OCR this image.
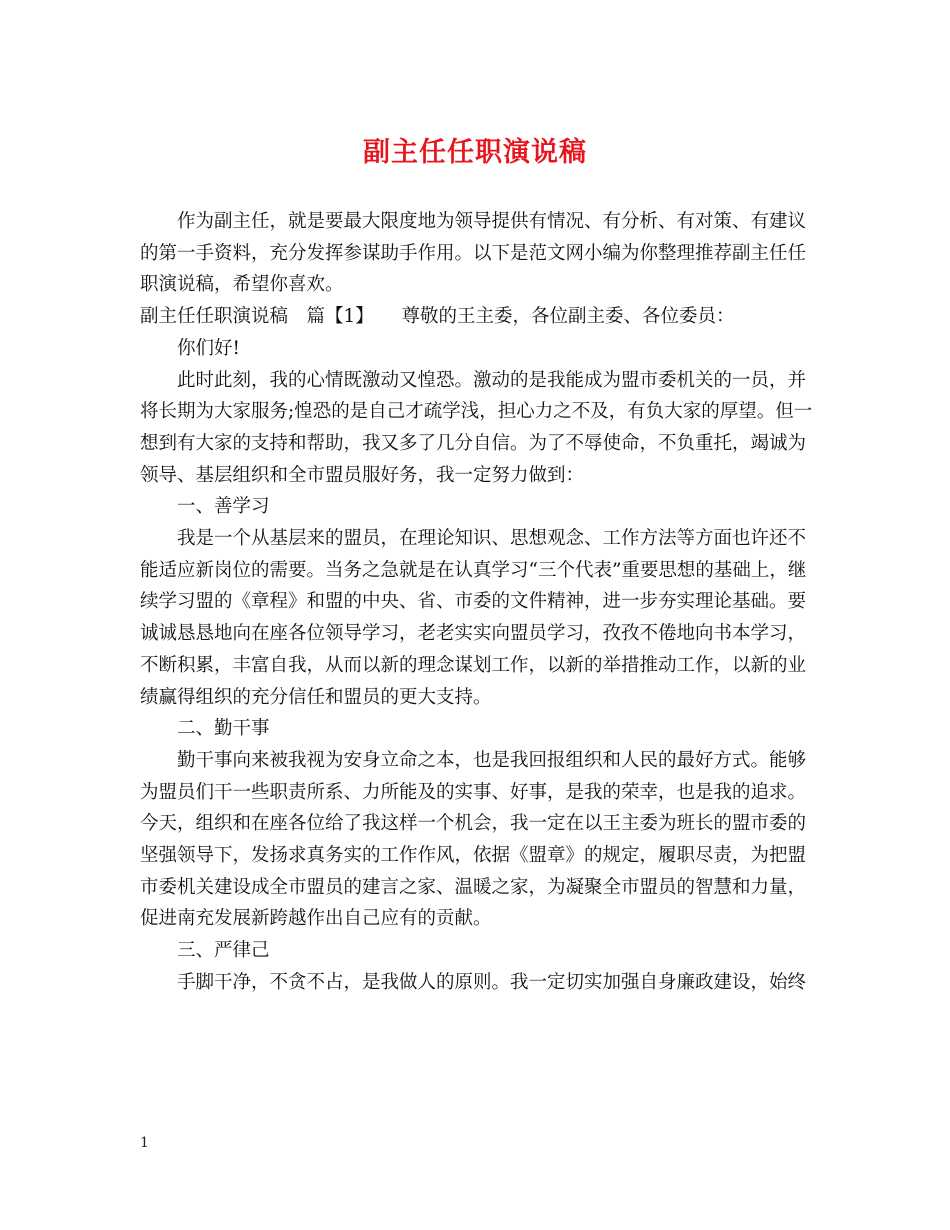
副主任任职演说稿

作为副主任，就是要最大限度地为领导提供有情况、有分析、有对策、有建议的第一手资料，充分发挥参谋助手作用。以下是范文网小编为你整理推荐副主任任职演说稿，希望你喜欢。

副主任任职演说稿　篇【1】　　尊敬的王主委，各位副主委、各位委员：

你们好!

此时此刻，我的心情既激动又惶恐。激动的是我能成为盟市委机关的一员，并将长期为大家服务;惶恐的是自己才疏学浅，担心力之不及，有负大家的厚望。但一想到有大家的支持和帮助，我又多了几分自信。为了不辱使命，不负重托，竭诚为领导、基层组织和全市盟员服好务，我一定努力做到：

一、善学习

我是一个从基层来的盟员，在理论知识、思想观念、工作方法等方面也许还不能适应新岗位的需要。当务之急就是在认真学习“三个代表”重要思想的基础上，继续学习盟的《章程》和盟的中央、省、市委的文件精神，进一步夯实理论基础。要诚诚恳恳地向在座各位领导学习，老老实实向盟员学习，孜孜不倦地向书本学习，不断积累，丰富自我，从而以新的理念谋划工作，以新的举措推动工作，以新的业绩赢得组织的充分信任和盟员的更大支持。

二、勤干事

勤干事向来被我视为安身立命之本，也是我回报组织和人民的最好方式。能够为盟员们干一些职责所系、力所能及的实事、好事，是我的荣幸，也是我的追求。今天，组织和在座各位给了我这样一个机会，我一定在以王主委为班长的盟市委的坚强领导下，发扬求真务实的工作作风，依据《盟章》的规定，履职尽责，为把盟市委机关建设成全市盟员的建言之家、温暖之家，为凝聚全市盟员的智慧和力量，促进南充发展新跨越作出自己应有的贡献。

三、严律己

手脚干净，不贪不占，是我做人的原则。我一定切实加强自身廉政建设，始终

1
